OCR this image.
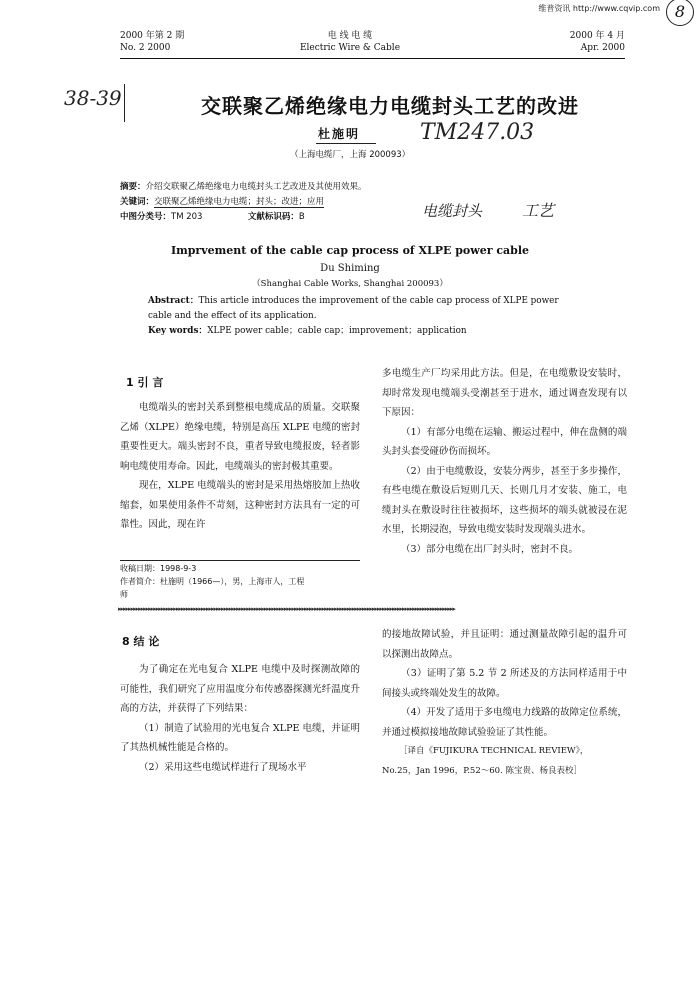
维普资讯 http://www.cqvip.com 8
2000 年第 2 期
No. 2 2000
电 线 电 缆
Electric Wire & Cable
2000 年 4 月
Apr. 2000
38-39	交联聚乙烯绝缘电力电缆封头工艺的改进
杜施明	TM247.03
（上海电缆厂，上海 200093）
摘要：介绍交联聚乙烯绝缘电力电缆封头工艺改进及其使用效果。
关键词：交联聚乙烯绝缘电力电缆；封头；改进；应用
中图分类号：TM 203	文献标识码：B	电缆封头 工艺
Imprvement of the cable cap process of XLPE power cable
Du Shiming
（Shanghai Cable Works, Shanghai 200093）
Abstract：This article introduces the improvement of the cable cap process of XLPE power
cable and the effect of its application.
Key words：XLPE power cable；cable cap；improvement；application
1 引 言
电缆端头的密封关系到整根电缆成品的质量。交联聚乙烯（XLPE）绝缘电缆，特别是高压 XLPE 电缆的密封重要性更大。端头密封不良，重者导致电缆报废，轻者影响电缆使用寿命。因此，电缆端头的密封极其重要。
现在，XLPE 电缆端头的密封是采用热熔胶加上热收缩套，如果使用条件不苛刻，这种密封方法具有一定的可靠性。因此，现在许
收稿日期：1998-9-3
作者简介：杜施明（1966—），男，上海市人，工程
师
多电缆生产厂均采用此方法。但是，在电缆敷设安装时，却时常发现电缆端头受潮甚至于进水，通过调查发现有以下原因：
（1）有部分电缆在运输、搬运过程中，伸在盘侧的端头封头套受碰砂伤而损坏。
（2）由于电缆敷设，安装分两步，甚至于多步操作，有些电缆在敷设后短则几天、长则几月才安装、施工，电缆封头在敷设时往往被损坏，这些损坏的端头就被浸在泥水里，长期浸泡，导致电缆安装时发现端头进水。
（3）部分电缆在出厂封头时，密封不良。
▸▸▸▸▸▸▸▸▸▸▸▸▸▸▸▸▸▸▸▸▸▸▸▸▸▸▸▸▸▸▸▸▸▸▸▸▸▸▸▸▸▸▸▸▸▸▸▸▸▸▸▸▸▸▸▸▸▸▸▸▸▸▸▸▸▸▸▸▸▸▸▸▸▸▸▸▸▸▸▸▸▸▸▸▸▸▸▸▸▸▸▸▸▸▸▸▸▸▸▸▸▸▸▸▸▸▸▸▸▸▸▸▸▸▸▸▸▸▸▸▸▸▸▸▸▸▸▸▸▸▸▸▸▸
8 结 论
为了确定在光电复合 XLPE 电缆中及时探测故障的可能性，我们研究了应用温度分布传感器探测光纤温度升高的方法，并获得了下列结果：
（1）制造了试验用的光电复合 XLPE 电缆，并证明了其热机械性能是合格的。
（2）采用这些电缆试样进行了现场水平
的接地故障试验，并且证明：通过测量故障引起的温升可以探测出故障点。
（3）证明了第 5.2 节 2 所述及的方法同样适用于中间接头或终端处发生的故障。
（4）开发了适用于多电缆电力线路的故障定位系统，并通过模拟接地故障试验验证了其性能。
［译自《FUJIKURA TECHNICAL REVIEW》，
No.25，Jan 1996，P.52～60. 陈宝贵、杨良表校］
